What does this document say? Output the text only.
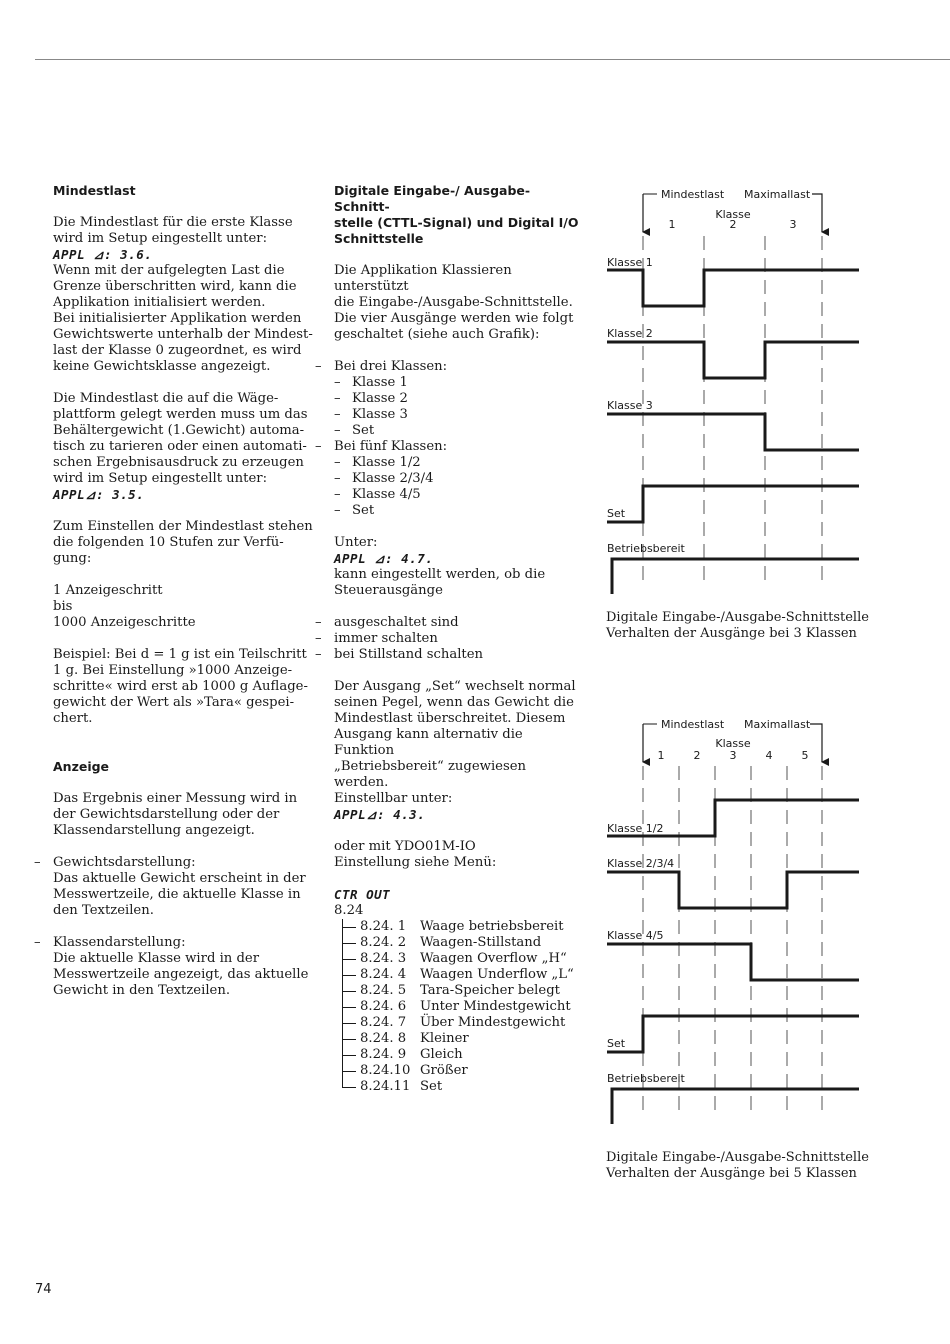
Mindestlast

Die Mindestlast für die erste Klasse

wird im Setup eingestellt unter:

APPL ⊿: 3.6.

Wenn mit der aufgelegten Last die

Grenze überschritten wird, kann die

Applikation initialisiert werden.

Bei initialisierter Applikation werden

Gewichtswerte unterhalb der Mindest-

last der Klasse 0 zugeordnet, es wird

keine Gewichtsklasse angezeigt.

Die Mindestlast die auf die Wäge-

plattform gelegt werden muss um das

Behältergewicht (1.Gewicht) automa-

tisch zu tarieren oder einen automati-

schen Ergebnisausdruck zu erzeugen

wird im Setup eingestellt unter:

APPL⊿: 3.5.

Zum Einstellen der Mindestlast stehen

die folgenden 10 Stufen zur Verfü-

gung:

1 Anzeigeschritt

bis

1000 Anzeigeschritte

Beispiel: Bei d = 1 g ist ein Teilschritt

1 g. Bei Einstellung »1000 Anzeige-

schritte« wird erst ab 1000 g Auflage-

gewicht der Wert als »Tara« gespei-

chert.

Anzeige

Das Ergebnis einer Messung wird in

der Gewichtsdarstellung oder der

Klassendarstellung angezeigt.

– Gewichtsdarstellung:

Das aktuelle Gewicht erscheint in der

Messwertzeile, die aktuelle Klasse in

den Textzeilen.

– Klassendarstellung:

Die aktuelle Klasse wird in der

Messwertzeile angezeigt, das aktuelle

Gewicht in den Textzeilen.

Digitale Eingabe-/ Ausgabe-Schnitt-

stelle (CTTL-Signal) und Digital I/O

Schnittstelle

Die Applikation Klassieren unterstützt

die Eingabe-/Ausgabe-Schnittstelle.

Die vier Ausgänge werden wie folgt

geschaltet (siehe auch Grafik):

– Bei drei Klassen:

– Klasse 1

– Klasse 2

– Klasse 3

– Set

– Bei fünf Klassen:

– Klasse 1/2

– Klasse 2/3/4

– Klasse 4/5

– Set

Unter:

APPL ⊿: 4.7.

kann eingestellt werden, ob die

Steuerausgänge

– ausgeschaltet sind

– immer schalten

– bei Stillstand schalten

Der Ausgang „Set“ wechselt normal

seinen Pegel, wenn das Gewicht die

Mindestlast überschreitet. Diesem

Ausgang kann alternativ die Funktion

„Betriebsbereit“ zugewiesen werden.

Einstellbar unter:

APPL⊿: 4.3.

oder mit YDO01M-IO

Einstellung siehe Menü:

CTR OUT

8.24

8.24. 1 Waage betriebsbereit
8.24. 2 Waagen-Stillstand
8.24. 3 Waagen Overflow „H“
8.24. 4 Waagen Underflow „L“
8.24. 5 Tara-Speicher belegt
8.24. 6 Unter Mindestgewicht
8.24. 7 Über Mindestgewicht
8.24. 8 Kleiner
8.24. 9 Gleich
8.24.10 Größer
8.24.11 Set
Mindestlast Maximallast
Klasse
1	2	3
Klasse 1
Klasse 2
Klasse 3
Set
Betriebsbereit
Digitale Eingabe-/Ausgabe-Schnittstelle
Verhalten der Ausgänge bei 3 Klassen
Mindestlast Maximallast
Klasse
1	2	3	4	5
Klasse 1/2
Klasse 2/3/4
Klasse 4/5
Set
Betriebsbereit
Digitale Eingabe-/Ausgabe-Schnittstelle
Verhalten der Ausgänge bei 5 Klassen
74
